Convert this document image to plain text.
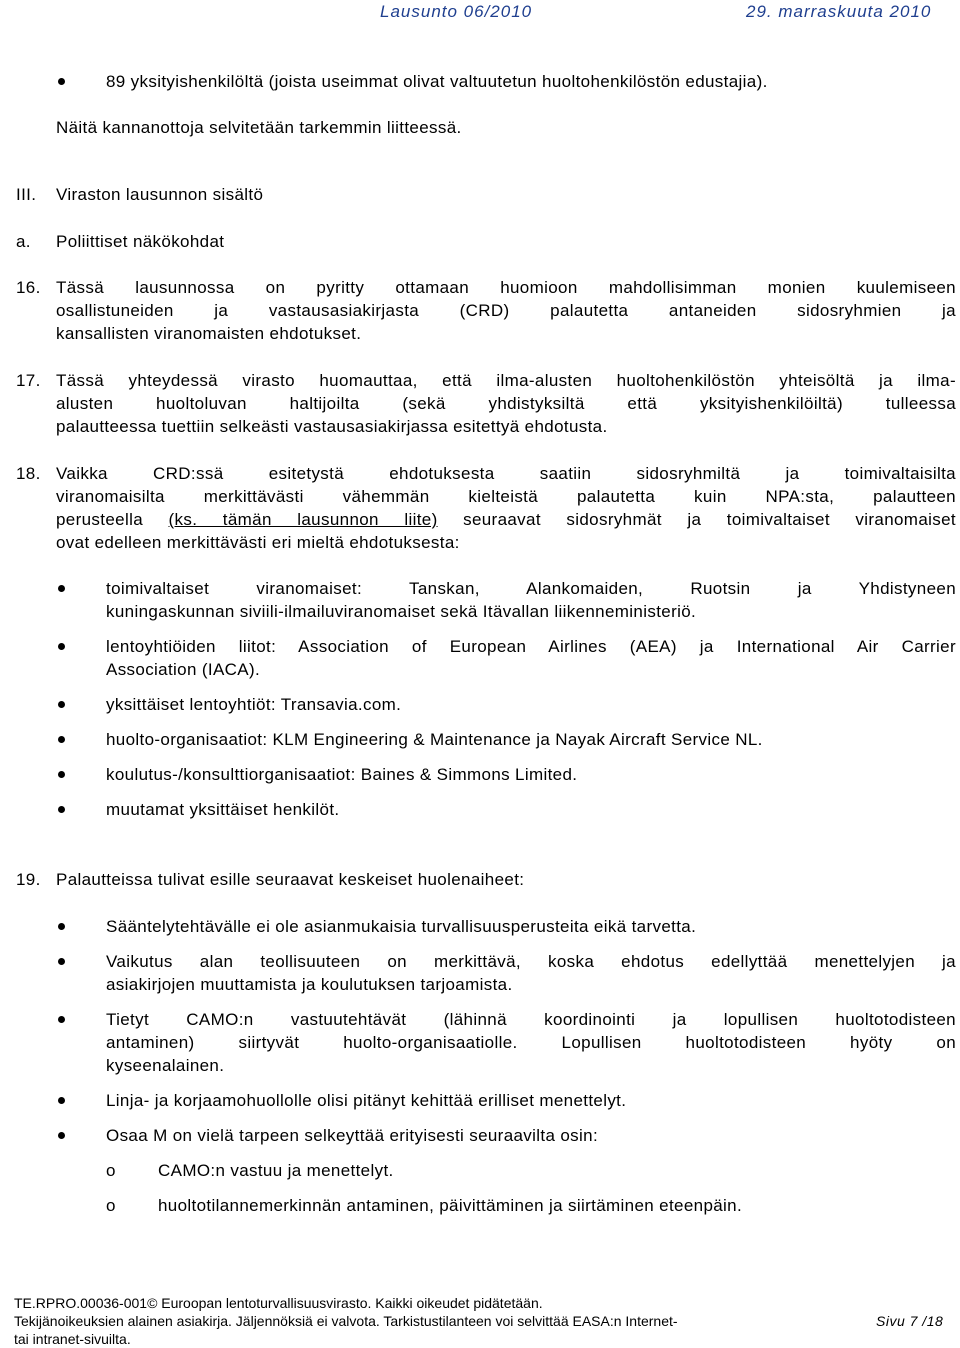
Lausunto 06/2010	29. marraskuuta 2010
89 yksityishenkilöltä (joista useimmat olivat valtuutetun huoltohenkilöstön edustajia).
Näitä kannanottoja selvitetään tarkemmin liitteessä.
III. Viraston lausunnon sisältö
a. Poliittiset näkökohdat
16. Tässä lausunnossa on pyritty ottamaan huomioon mahdollisimman monien kuulemiseen
osallistuneiden ja vastausasiakirjasta (CRD) palautetta antaneiden sidosryhmien ja
kansallisten viranomaisten ehdotukset.
17. Tässä yhteydessä virasto huomauttaa, että ilma-alusten huoltohenkilöstön yhteisöltä ja ilma-
alusten huoltoluvan haltijoilta (sekä yhdistyksiltä että yksityishenkilöiltä) tulleessa
palautteessa tuettiin selkeästi vastausasiakirjassa esitettyä ehdotusta.
18. Vaikka CRD:ssä esitetystä ehdotuksesta saatiin sidosryhmiltä ja toimivaltaisilta
viranomaisilta merkittävästi vähemmän kielteistä palautetta kuin NPA:sta, palautteen
perusteella (ks. tämän lausunnon liite) seuraavat sidosryhmät ja toimivaltaiset viranomaiset
ovat edelleen merkittävästi eri mieltä ehdotuksesta:
toimivaltaiset viranomaiset: Tanskan, Alankomaiden, Ruotsin ja Yhdistyneen
kuningaskunnan siviili-ilmailuviranomaiset sekä Itävallan liikenneministeriö.
lentoyhtiöiden liitot: Association of European Airlines (AEA) ja International Air Carrier
Association (IACA).
yksittäiset lentoyhtiöt: Transavia.com.
huolto-organisaatiot: KLM Engineering & Maintenance ja Nayak Aircraft Service NL.
koulutus-/konsulttiorganisaatiot: Baines & Simmons Limited.
muutamat yksittäiset henkilöt.
19. Palautteissa tulivat esille seuraavat keskeiset huolenaiheet:
Sääntelytehtävälle ei ole asianmukaisia turvallisuusperusteita eikä tarvetta.
Vaikutus alan teollisuuteen on merkittävä, koska ehdotus edellyttää menettelyjen ja
asiakirjojen muuttamista ja koulutuksen tarjoamista.
Tietyt CAMO:n vastuutehtävät (lähinnä koordinointi ja lopullisen huoltotodisteen
antaminen) siirtyvät huolto-organisaatiolle. Lopullisen huoltotodisteen hyöty on
kyseenalainen.
Linja- ja korjaamohuollolle olisi pitänyt kehittää erilliset menettelyt.
Osaa M on vielä tarpeen selkeyttää erityisesti seuraavilta osin:
o	CAMO:n vastuu ja menettelyt.
o	huoltotilannemerkinnän antaminen, päivittäminen ja siirtäminen eteenpäin.
TE.RPRO.00036-001© Euroopan lentoturvallisuusvirasto. Kaikki oikeudet pidätetään.
Tekijänoikeuksien alainen asiakirja. Jäljennöksiä ei valvota. Tarkistustilanteen voi selvittää EASA:n Internet-
tai intranet-sivuilta.
Sivu 7 /18
